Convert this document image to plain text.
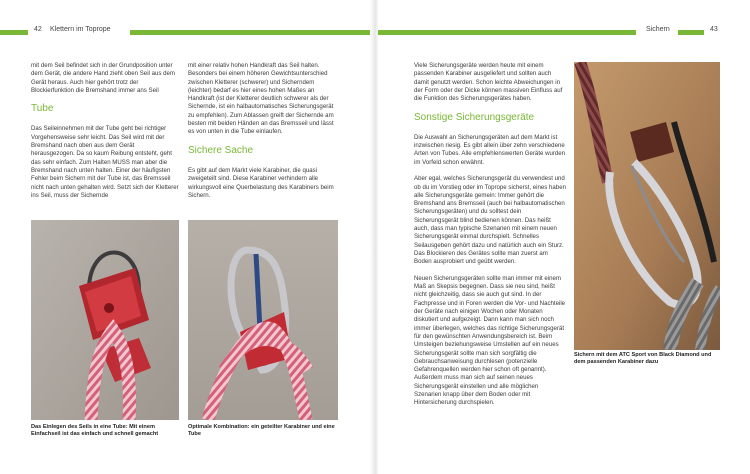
42 Klettern im Toprope

mit dem Seil befindet sich in der Grundposition unter dem Gerät, die andere Hand zieht oben Seil aus dem Gerät heraus. Auch hier gehört trotz der Blockierfunktion die Bremshand immer ans Seil

Tube

Das Seileinnehmen mit der Tube geht bei richtiger Vorgehensweise sehr leicht. Das Seil wird mit der Bremshand nach oben aus dem Gerät herausgezogen. Da so kaum Reibung entsteht, geht das sehr einfach. Zum Halten MUSS man aber die Bremshand nach unten halten. Einer der häufigsten Fehler beim Sichern mit der Tube ist, das Bremsseil nicht nach unten gehalten wird. Setzt sich der Kletterer ins Seil, muss der Sichernde

mit einer relativ hohen Handkraft das Seil halten. Besonders bei einem höheren Gewichtsunterschied zwischen Kletterer (schwerer) und Sicherndem (leichter) bedarf es hier eines hohen Maßes an Handkraft (ist der Kletterer deutlich schwerer als der Sichernde, ist ein halbautomatisches Sicherungsgerät zu empfehlen). Zum Ablassen greift der Sichernde am besten mit beiden Händen an das Bremsseil und lässt es von unten in die Tube einlaufen.

Sichere Sache

Es gibt auf dem Markt viele Karabiner, die quasi zweigeteilt sind. Diese Karabiner verhindern alle wirkungsvoll eine Querbelastung des Karabiners beim Sichern.

Das Einlegen des Seils in eine Tube: Mit einem Einfachseil ist das einfach und schnell gemacht
Optimale Kombination: ein geteilter Karabiner und eine Tube
Sichern	43

Viele Sicherungsgeräte werden heute mit einem passenden Karabiner ausgeliefert und sollten auch damit genutzt werden. Schon leichte Abweichungen in der Form oder der Dicke können massiven Einfluss auf die Funktion des Sicherungsgerätes haben.

Sonstige Sicherungsgeräte

Die Auswahl an Sicherungsgeräten auf dem Markt ist inzwischen riesig. Es gibt allein über zehn verschiedene Arten von Tubes. Alle empfehlenswerten Geräte wurden im Vorfeld schon erwähnt.

Aber egal, welches Sicherungsgerät du verwendest und ob du im Vorstieg oder im Toprope sicherst, eines haben alle Sicherungsgeräte gemein: Immer gehört die Bremshand ans Bremsseil (auch bei halbautomatischen Sicherungsgeräten) und du solltest dein Sicherungsgerät blind bedienen können. Das heißt auch, dass man typische Szenarien mit einem neuen Sicherungsgerät einmal durchspielt. Schnelles Seilausgeben gehört dazu und natürlich auch ein Sturz. Das Blockieren des Gerätes sollte man zuerst am Boden ausprobiert und geübt werden.

Neuen Sicherungsgeräten sollte man immer mit einem Maß an Skepsis begegnen. Dass sie neu sind, heißt nicht gleichzeitig, dass sie auch gut sind. In der Fachpresse und in Foren werden die Vor- und Nachteile der Geräte nach einigen Wochen oder Monaten diskutiert und aufgezeigt. Dann kann man sich noch immer überlegen, welches das richtige Sicherungsgerät für den gewünschten Anwendungsbereich ist. Beim Umsteigen beziehungsweise Umstellen auf ein neues Sicherungsgerät sollte man sich sorgfältig die Gebrauchsanweisung durchlesen (potenzielle Gefahrenquellen werden hier schon oft genannt). Außerdem muss man sich auf seinen neues Sicherungsgerät einstellen und alle möglichen Szenarien knapp über dem Boden oder mit Hintersicherung durchspielen.

Sichern mit dem ATC Sport von Black Diamond und dem passenden Karabiner dazu
